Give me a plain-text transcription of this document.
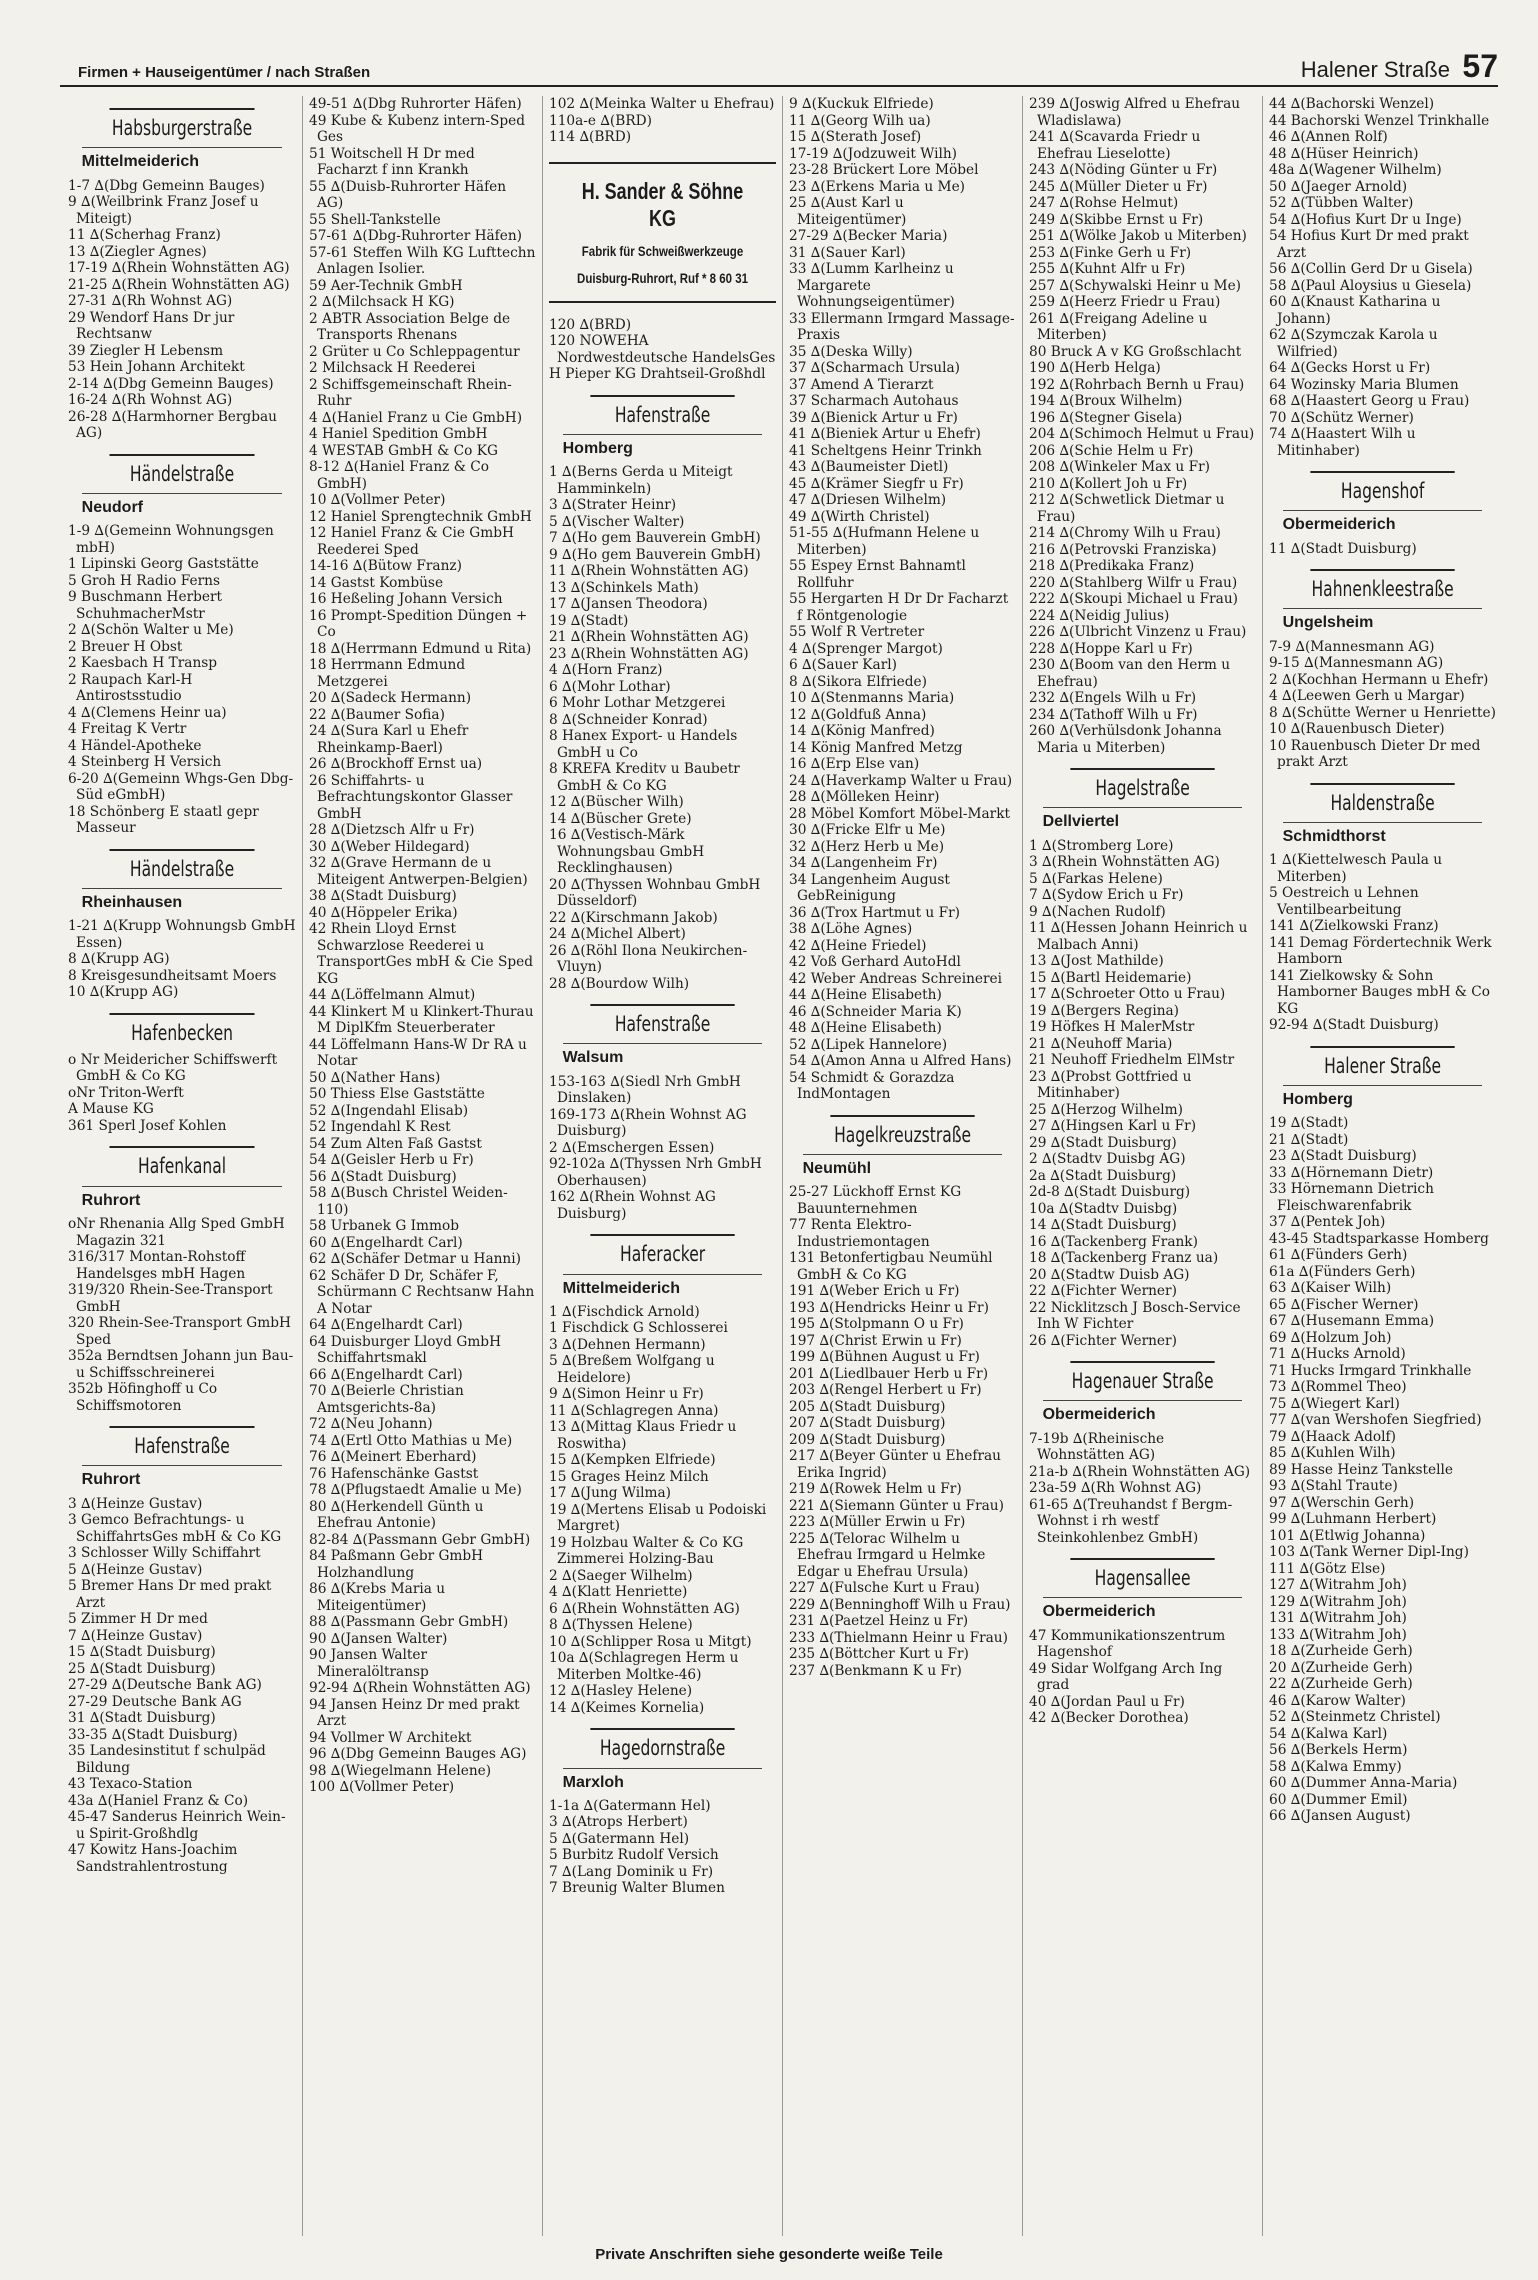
Firmen + Hauseigentümer / nach Straßen	Halener Straße 57
Habsburgerstraße
Mittelmeiderich
1-7 ∆(Dbg Gemeinn Bauges)
9 ∆(Weilbrink Franz Josef u Miteigt)
11 ∆(Scherhag Franz)
13 ∆(Ziegler Agnes)
17-19 ∆(Rhein Wohnstätten AG)
21-25 ∆(Rhein Wohnstätten AG)
27-31 ∆(Rh Wohnst AG)
29 Wendorf Hans Dr jur Rechtsanw
39 Ziegler H Lebensm
53 Hein Johann Architekt
2-14 ∆(Dbg Gemeinn Bauges)
16-24 ∆(Rh Wohnst AG)
26-28 ∆(Harmhorner Bergbau AG)
Händelstraße
Neudorf
1-9 ∆(Gemeinn Wohnungsgen mbH)
1 Lipinski Georg Gaststätte
5 Groh H Radio Ferns
9 Buschmann Herbert SchuhmacherMstr
2 ∆(Schön Walter u Me)
2 Breuer H Obst
2 Kaesbach H Transp
2 Raupach Karl-H Antirostsstudio
4 ∆(Clemens Heinr ua)
4 Freitag K Vertr
4 Händel-Apotheke
4 Steinberg H Versich
6-20 ∆(Gemeinn Whgs-Gen Dbg-Süd eGmbH)
18 Schönberg E staatl gepr Masseur
Händelstraße
Rheinhausen
1-21 ∆(Krupp Wohnungsb GmbH Essen)
8 ∆(Krupp AG)
8 Kreisgesundheitsamt Moers
10 ∆(Krupp AG)
Hafenbecken
o Nr Meidericher Schiffswerft GmbH & Co KG
oNr Triton-Werft
A Mause KG
361 Sperl Josef Kohlen
Hafenkanal
Ruhrort
oNr Rhenania Allg Sped GmbH Magazin 321
316/317 Montan-Rohstoff Handelsges mbH Hagen
319/320 Rhein-See-Transport GmbH
320 Rhein-See-Transport GmbH Sped
352a Berndtsen Johann jun Bau- u Schiffsschreinerei
352b Höfinghoff u Co Schiffsmotoren
Hafenstraße
Ruhrort
3 ∆(Heinze Gustav)
3 Gemco Befrachtungs- u SchiffahrtsGes mbH & Co KG
3 Schlosser Willy Schiffahrt
5 ∆(Heinze Gustav)
5 Bremer Hans Dr med prakt Arzt
5 Zimmer H Dr med
7 ∆(Heinze Gustav)
15 ∆(Stadt Duisburg)
25 ∆(Stadt Duisburg)
27-29 ∆(Deutsche Bank AG)
27-29 Deutsche Bank AG
31 ∆(Stadt Duisburg)
33-35 ∆(Stadt Duisburg)
35 Landesinstitut f schulpäd Bildung
43 Texaco-Station
43a ∆(Haniel Franz & Co)
45-47 Sanderus Heinrich Wein- u Spirit-Großhdlg
47 Kowitz Hans-Joachim Sandstrahlentrostung
49-51 ∆(Dbg Ruhrorter Häfen)
49 Kube & Kubenz intern-Sped Ges
51 Woitschell H Dr med Facharzt f inn Krankh
55 ∆(Duisb-Ruhrorter Häfen AG)
55 Shell-Tankstelle
57-61 ∆(Dbg-Ruhrorter Häfen)
57-61 Steffen Wilh KG Lufttechn Anlagen Isolier.
59 Aer-Technik GmbH
2 ∆(Milchsack H KG)
2 ABTR Association Belge de Transports Rhenans
2 Grüter u Co Schleppagentur
2 Milchsack H Reederei
2 Schiffsgemeinschaft Rhein-Ruhr
4 ∆(Haniel Franz u Cie GmbH)
4 Haniel Spedition GmbH
4 WESTAB GmbH & Co KG
8-12 ∆(Haniel Franz & Co GmbH)
10 ∆(Vollmer Peter)
12 Haniel Sprengtechnik GmbH
12 Haniel Franz & Cie GmbH Reederei Sped
14-16 ∆(Bütow Franz)
14 Gastst Kombüse
16 Heßeling Johann Versich
16 Prompt-Spedition Düngen + Co
18 ∆(Herrmann Edmund u Rita)
18 Herrmann Edmund Metzgerei
20 ∆(Sadeck Hermann)
22 ∆(Baumer Sofia)
24 ∆(Sura Karl u Ehefr Rheinkamp-Baerl)
26 ∆(Brockhoff Ernst ua)
26 Schiffahrts- u Befrachtungskontor Glasser GmbH
28 ∆(Dietzsch Alfr u Fr)
30 ∆(Weber Hildegard)
32 ∆(Grave Hermann de u Miteigent Antwerpen-Belgien)
38 ∆(Stadt Duisburg)
40 ∆(Höppeler Erika)
42 Rhein Lloyd Ernst Schwarzlose Reederei u TransportGes mbH & Cie Sped KG
44 ∆(Löffelmann Almut)
44 Klinkert M u Klinkert-Thurau M DiplKfm Steuerberater
44 Löffelmann Hans-W Dr RA u Notar
50 ∆(Nather Hans)
50 Thiess Else Gaststätte
52 ∆(Ingendahl Elisab)
52 Ingendahl K Rest
54 Zum Alten Faß Gastst
54 ∆(Geisler Herb u Fr)
56 ∆(Stadt Duisburg)
58 ∆(Busch Christel Weiden-110)
58 Urbanek G Immob
60 ∆(Engelhardt Carl)
62 ∆(Schäfer Detmar u Hanni)
62 Schäfer D Dr, Schäfer F, Schürmann C Rechtsanw Hahn A Notar
64 ∆(Engelhardt Carl)
64 Duisburger Lloyd GmbH Schiffahrtsmakl
66 ∆(Engelhardt Carl)
70 ∆(Beierle Christian Amtsgerichts-8a)
72 ∆(Neu Johann)
74 ∆(Ertl Otto Mathias u Me)
76 ∆(Meinert Eberhard)
76 Hafenschänke Gastst
78 ∆(Pflugstaedt Amalie u Me)
80 ∆(Herkendell Günth u Ehefrau Antonie)
82-84 ∆(Passmann Gebr GmbH)
84 Paßmann Gebr GmbH Holzhandlung
86 ∆(Krebs Maria u Miteigentümer)
88 ∆(Passmann Gebr GmbH)
90 ∆(Jansen Walter)
90 Jansen Walter Mineralöltransp
92-94 ∆(Rhein Wohnstätten AG)
94 Jansen Heinz Dr med prakt Arzt
94 Vollmer W Architekt
96 ∆(Dbg Gemeinn Bauges AG)
98 ∆(Wiegelmann Helene)
100 ∆(Vollmer Peter)
102 ∆(Meinka Walter u Ehefrau)
110a-e ∆(BRD)
114 ∆(BRD)
H. Sander & Söhne KG
Fabrik für Schweißwerkzeuge
Duisburg-Ruhrort, Ruf * 8 60 31
120 ∆(BRD)
120 NOWEHA Nordwestdeutsche HandelsGes
H Pieper KG Drahtseil-Großhdl
Hafenstraße
Homberg
1 ∆(Berns Gerda u Miteigt Hamminkeln)
3 ∆(Strater Heinr)
5 ∆(Vischer Walter)
7 ∆(Ho gem Bauverein GmbH)
9 ∆(Ho gem Bauverein GmbH)
11 ∆(Rhein Wohnstätten AG)
13 ∆(Schinkels Math)
17 ∆(Jansen Theodora)
19 ∆(Stadt)
21 ∆(Rhein Wohnstätten AG)
23 ∆(Rhein Wohnstätten AG)
4 ∆(Horn Franz)
6 ∆(Mohr Lothar)
6 Mohr Lothar Metzgerei
8 ∆(Schneider Konrad)
8 Hanex Export- u Handels GmbH u Co
8 KREFA Kreditv u Baubetr GmbH & Co KG
12 ∆(Büscher Wilh)
14 ∆(Büscher Grete)
16 ∆(Vestisch-Märk Wohnungsbau GmbH Recklinghausen)
20 ∆(Thyssen Wohnbau GmbH Düsseldorf)
22 ∆(Kirschmann Jakob)
24 ∆(Michel Albert)
26 ∆(Röhl Ilona Neukirchen-Vluyn)
28 ∆(Bourdow Wilh)
Hafenstraße
Walsum
153-163 ∆(Siedl Nrh GmbH Dinslaken)
169-173 ∆(Rhein Wohnst AG Duisburg)
2 ∆(Emschergen Essen)
92-102a ∆(Thyssen Nrh GmbH Oberhausen)
162 ∆(Rhein Wohnst AG Duisburg)
Haferacker
Mittelmeiderich
1 ∆(Fischdick Arnold)
1 Fischdick G Schlosserei
3 ∆(Dehnen Hermann)
5 ∆(Breßem Wolfgang u Heidelore)
9 ∆(Simon Heinr u Fr)
11 ∆(Schlagregen Anna)
13 ∆(Mittag Klaus Friedr u Roswitha)
15 ∆(Kempken Elfriede)
15 Grages Heinz Milch
17 ∆(Jung Wilma)
19 ∆(Mertens Elisab u Podoiski Margret)
19 Holzbau Walter & Co KG Zimmerei Holzing-Bau
2 ∆(Saeger Wilhelm)
4 ∆(Klatt Henriette)
6 ∆(Rhein Wohnstätten AG)
8 ∆(Thyssen Helene)
10 ∆(Schlipper Rosa u Mitgt)
10a ∆(Schlagregen Herm u Miterben Moltke-46)
12 ∆(Hasley Helene)
14 ∆(Keimes Kornelia)
Hagedornstraße
Marxloh
1-1a ∆(Gatermann Hel)
3 ∆(Atrops Herbert)
5 ∆(Gatermann Hel)
5 Burbitz Rudolf Versich
7 ∆(Lang Dominik u Fr)
7 Breunig Walter Blumen
9 ∆(Kuckuk Elfriede)
11 ∆(Georg Wilh ua)
15 ∆(Sterath Josef)
17-19 ∆(Jodzuweit Wilh)
23-28 Brückert Lore Möbel
23 ∆(Erkens Maria u Me)
25 ∆(Aust Karl u Miteigentümer)
27-29 ∆(Becker Maria)
31 ∆(Sauer Karl)
33 ∆(Lumm Karlheinz u Margarete Wohnungseigentümer)
33 Ellermann Irmgard Massage-Praxis
35 ∆(Deska Willy)
37 ∆(Scharmach Ursula)
37 Amend A Tierarzt
37 Scharmach Autohaus
39 ∆(Bienick Artur u Fr)
41 ∆(Bieniek Artur u Ehefr)
41 Scheltgens Heinr Trinkh
43 ∆(Baumeister Dietl)
45 ∆(Krämer Siegfr u Fr)
47 ∆(Driesen Wilhelm)
49 ∆(Wirth Christel)
51-55 ∆(Hufmann Helene u Miterben)
55 Espey Ernst Bahnamtl Rollfuhr
55 Hergarten H Dr Dr Facharzt f Röntgenologie
55 Wolf R Vertreter
4 ∆(Sprenger Margot)
6 ∆(Sauer Karl)
8 ∆(Sikora Elfriede)
10 ∆(Stenmanns Maria)
12 ∆(Goldfuß Anna)
14 ∆(König Manfred)
14 König Manfred Metzg
16 ∆(Erp Else van)
24 ∆(Haverkamp Walter u Frau)
28 ∆(Mölleken Heinr)
28 Möbel Komfort Möbel-Markt
30 ∆(Fricke Elfr u Me)
32 ∆(Herz Herb u Me)
34 ∆(Langenheim Fr)
34 Langenheim August GebReinigung
36 ∆(Trox Hartmut u Fr)
38 ∆(Löhe Agnes)
42 ∆(Heine Friedel)
42 Voß Gerhard AutoHdl
42 Weber Andreas Schreinerei
44 ∆(Heine Elisabeth)
46 ∆(Schneider Maria K)
48 ∆(Heine Elisabeth)
52 ∆(Lipek Hannelore)
54 ∆(Amon Anna u Alfred Hans)
54 Schmidt & Gorazdza IndMontagen
Hagelkreuzstraße
Neumühl
25-27 Lückhoff Ernst KG Bauunternehmen
77 Renta Elektro-Industriemontagen
131 Betonfertigbau Neumühl GmbH & Co KG
191 ∆(Weber Erich u Fr)
193 ∆(Hendricks Heinr u Fr)
195 ∆(Stolpmann O u Fr)
197 ∆(Christ Erwin u Fr)
199 ∆(Bühnen August u Fr)
201 ∆(Liedlbauer Herb u Fr)
203 ∆(Rengel Herbert u Fr)
205 ∆(Stadt Duisburg)
207 ∆(Stadt Duisburg)
209 ∆(Stadt Duisburg)
217 ∆(Beyer Günter u Ehefrau Erika Ingrid)
219 ∆(Rowek Helm u Fr)
221 ∆(Siemann Günter u Frau)
223 ∆(Müller Erwin u Fr)
225 ∆(Telorac Wilhelm u Ehefrau Irmgard u Helmke Edgar u Ehefrau Ursula)
227 ∆(Fulsche Kurt u Frau)
229 ∆(Benninghoff Wilh u Frau)
231 ∆(Paetzel Heinz u Fr)
233 ∆(Thielmann Heinr u Frau)
235 ∆(Böttcher Kurt u Fr)
237 ∆(Benkmann K u Fr)
239 ∆(Joswig Alfred u Ehefrau Wladislawa)
241 ∆(Scavarda Friedr u Ehefrau Lieselotte)
243 ∆(Nöding Günter u Fr)
245 ∆(Müller Dieter u Fr)
247 ∆(Rohse Helmut)
249 ∆(Skibbe Ernst u Fr)
251 ∆(Wölke Jakob u Miterben)
253 ∆(Finke Gerh u Fr)
255 ∆(Kuhnt Alfr u Fr)
257 ∆(Schywalski Heinr u Me)
259 ∆(Heerz Friedr u Frau)
261 ∆(Freigang Adeline u Miterben)
80 Bruck A v KG Großschlacht
190 ∆(Herb Helga)
192 ∆(Rohrbach Bernh u Frau)
194 ∆(Broux Wilhelm)
196 ∆(Stegner Gisela)
204 ∆(Schimoch Helmut u Frau)
206 ∆(Schie Helm u Fr)
208 ∆(Winkeler Max u Fr)
210 ∆(Kollert Joh u Fr)
212 ∆(Schwetlick Dietmar u Frau)
214 ∆(Chromy Wilh u Frau)
216 ∆(Petrovski Franziska)
218 ∆(Predikaka Franz)
220 ∆(Stahlberg Wilfr u Frau)
222 ∆(Skoupi Michael u Frau)
224 ∆(Neidig Julius)
226 ∆(Ulbricht Vinzenz u Frau)
228 ∆(Hoppe Karl u Fr)
230 ∆(Boom van den Herm u Ehefrau)
232 ∆(Engels Wilh u Fr)
234 ∆(Tathoff Wilh u Fr)
260 ∆(Verhülsdonk Johanna Maria u Miterben)
Hagelstraße
Dellviertel
1 ∆(Stromberg Lore)
3 ∆(Rhein Wohnstätten AG)
5 ∆(Farkas Helene)
7 ∆(Sydow Erich u Fr)
9 ∆(Nachen Rudolf)
11 ∆(Hessen Johann Heinrich u Malbach Anni)
13 ∆(Jost Mathilde)
15 ∆(Bartl Heidemarie)
17 ∆(Schroeter Otto u Frau)
19 ∆(Bergers Regina)
19 Höfkes H MalerMstr
21 ∆(Neuhoff Maria)
21 Neuhoff Friedhelm ElMstr
23 ∆(Probst Gottfried u Mitinhaber)
25 ∆(Herzog Wilhelm)
27 ∆(Hingsen Karl u Fr)
29 ∆(Stadt Duisburg)
2 ∆(Stadtv Duisbg AG)
2a ∆(Stadt Duisburg)
2d-8 ∆(Stadt Duisburg)
10a ∆(Stadtv Duisbg)
14 ∆(Stadt Duisburg)
16 ∆(Tackenberg Frank)
18 ∆(Tackenberg Franz ua)
20 ∆(Stadtw Duisb AG)
22 ∆(Fichter Werner)
22 Nicklitzsch J Bosch-Service Inh W Fichter
26 ∆(Fichter Werner)
Hagenauer Straße
Obermeiderich
7-19b ∆(Rheinische Wohnstätten AG)
21a-b ∆(Rhein Wohnstätten AG)
23a-59 ∆(Rh Wohnst AG)
61-65 ∆(Treuhandst f Bergm-Wohnst i rh westf Steinkohlenbez GmbH)
Hagensallee
Obermeiderich
47 Kommunikationszentrum Hagenshof
49 Sidar Wolfgang Arch Ing grad
40 ∆(Jordan Paul u Fr)
42 ∆(Becker Dorothea)
44 ∆(Bachorski Wenzel)
44 Bachorski Wenzel Trinkhalle
46 ∆(Annen Rolf)
48 ∆(Hüser Heinrich)
48a ∆(Wagener Wilhelm)
50 ∆(Jaeger Arnold)
52 ∆(Tübben Walter)
54 ∆(Hofius Kurt Dr u Inge)
54 Hofius Kurt Dr med prakt Arzt
56 ∆(Collin Gerd Dr u Gisela)
58 ∆(Paul Aloysius u Giesela)
60 ∆(Knaust Katharina u Johann)
62 ∆(Szymczak Karola u Wilfried)
64 ∆(Gecks Horst u Fr)
64 Wozinsky Maria Blumen
68 ∆(Haastert Georg u Frau)
70 ∆(Schütz Werner)
74 ∆(Haastert Wilh u Mitinhaber)
Hagenshof
Obermeiderich
11 ∆(Stadt Duisburg)
Hahnenkleestraße
Ungelsheim
7-9 ∆(Mannesmann AG)
9-15 ∆(Mannesmann AG)
2 ∆(Kochhan Hermann u Ehefr)
4 ∆(Leewen Gerh u Margar)
8 ∆(Schütte Werner u Henriette)
10 ∆(Rauenbusch Dieter)
10 Rauenbusch Dieter Dr med prakt Arzt
Haldenstraße
Schmidthorst
1 ∆(Kiettelwesch Paula u Miterben)
5 Oestreich u Lehnen Ventilbearbeitung
141 ∆(Zielkowski Franz)
141 Demag Fördertechnik Werk Hamborn
141 Zielkowsky & Sohn Hamborner Bauges mbH & Co KG
92-94 ∆(Stadt Duisburg)
Halener Straße
Homberg
19 ∆(Stadt)
21 ∆(Stadt)
23 ∆(Stadt Duisburg)
33 ∆(Hörnemann Dietr)
33 Hörnemann Dietrich Fleischwarenfabrik
37 ∆(Pentek Joh)
43-45 Stadtsparkasse Homberg
61 ∆(Fünders Gerh)
61a ∆(Fünders Gerh)
63 ∆(Kaiser Wilh)
65 ∆(Fischer Werner)
67 ∆(Husemann Emma)
69 ∆(Holzum Joh)
71 ∆(Hucks Arnold)
71 Hucks Irmgard Trinkhalle
73 ∆(Rommel Theo)
75 ∆(Wiegert Karl)
77 ∆(van Wershofen Siegfried)
79 ∆(Haack Adolf)
85 ∆(Kuhlen Wilh)
89 Hasse Heinz Tankstelle
93 ∆(Stahl Traute)
97 ∆(Werschin Gerh)
99 ∆(Luhmann Herbert)
101 ∆(Etlwig Johanna)
103 ∆(Tank Werner Dipl-Ing)
111 ∆(Götz Else)
127 ∆(Witrahm Joh)
129 ∆(Witrahm Joh)
131 ∆(Witrahm Joh)
133 ∆(Witrahm Joh)
18 ∆(Zurheide Gerh)
20 ∆(Zurheide Gerh)
22 ∆(Zurheide Gerh)
46 ∆(Karow Walter)
52 ∆(Steinmetz Christel)
54 ∆(Kalwa Karl)
56 ∆(Berkels Herm)
58 ∆(Kalwa Emmy)
60 ∆(Dummer Anna-Maria)
60 ∆(Dummer Emil)
66 ∆(Jansen August)
Private Anschriften siehe gesonderte weiße Teile
